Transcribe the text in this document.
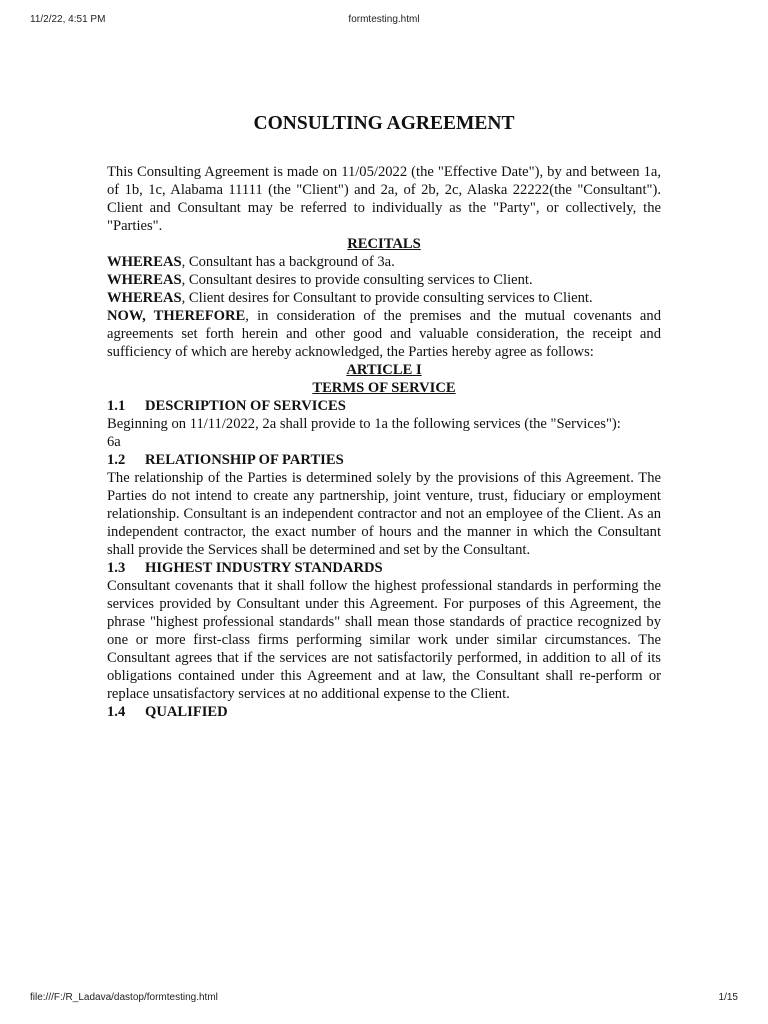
11/2/22, 4:51 PM	formtesting.html

CONSULTING AGREEMENT

This Consulting Agreement is made on 11/05/2022 (the "Effective Date"), by and between 1a, of 1b, 1c, Alabama 11111 (the "Client") and 2a, of 2b, 2c, Alaska 22222(the "Consultant"). Client and Consultant may be referred to individually as the "Party", or collectively, the "Parties".

RECITALS

WHEREAS, Consultant has a background of 3a.

WHEREAS, Consultant desires to provide consulting services to Client.

WHEREAS, Client desires for Consultant to provide consulting services to Client.

NOW, THEREFORE, in consideration of the premises and the mutual covenants and agreements set forth herein and other good and valuable consideration, the receipt and sufficiency of which are hereby acknowledged, the Parties hereby agree as follows:

ARTICLE I

TERMS OF SERVICE

1.1 DESCRIPTION OF SERVICES

Beginning on 11/11/2022, 2a shall provide to 1a the following services (the "Services"):

6a

1.2 RELATIONSHIP OF PARTIES

The relationship of the Parties is determined solely by the provisions of this Agreement. The Parties do not intend to create any partnership, joint venture, trust, fiduciary or employment relationship. Consultant is an independent contractor and not an employee of the Client. As an independent contractor, the exact number of hours and the manner in which the Consultant shall provide the Services shall be determined and set by the Consultant.

1.3 HIGHEST INDUSTRY STANDARDS

Consultant covenants that it shall follow the highest professional standards in performing the services provided by Consultant under this Agreement. For purposes of this Agreement, the phrase "highest professional standards" shall mean those standards of practice recognized by one or more first-class firms performing similar work under similar circumstances. The Consultant agrees that if the services are not satisfactorily performed, in addition to all of its obligations contained under this Agreement and at law, the Consultant shall re-perform or replace unsatisfactory services at no additional expense to the Client.

1.4 QUALIFIED

file:///F:/R_Ladava/dastop/formtesting.html	1/15
